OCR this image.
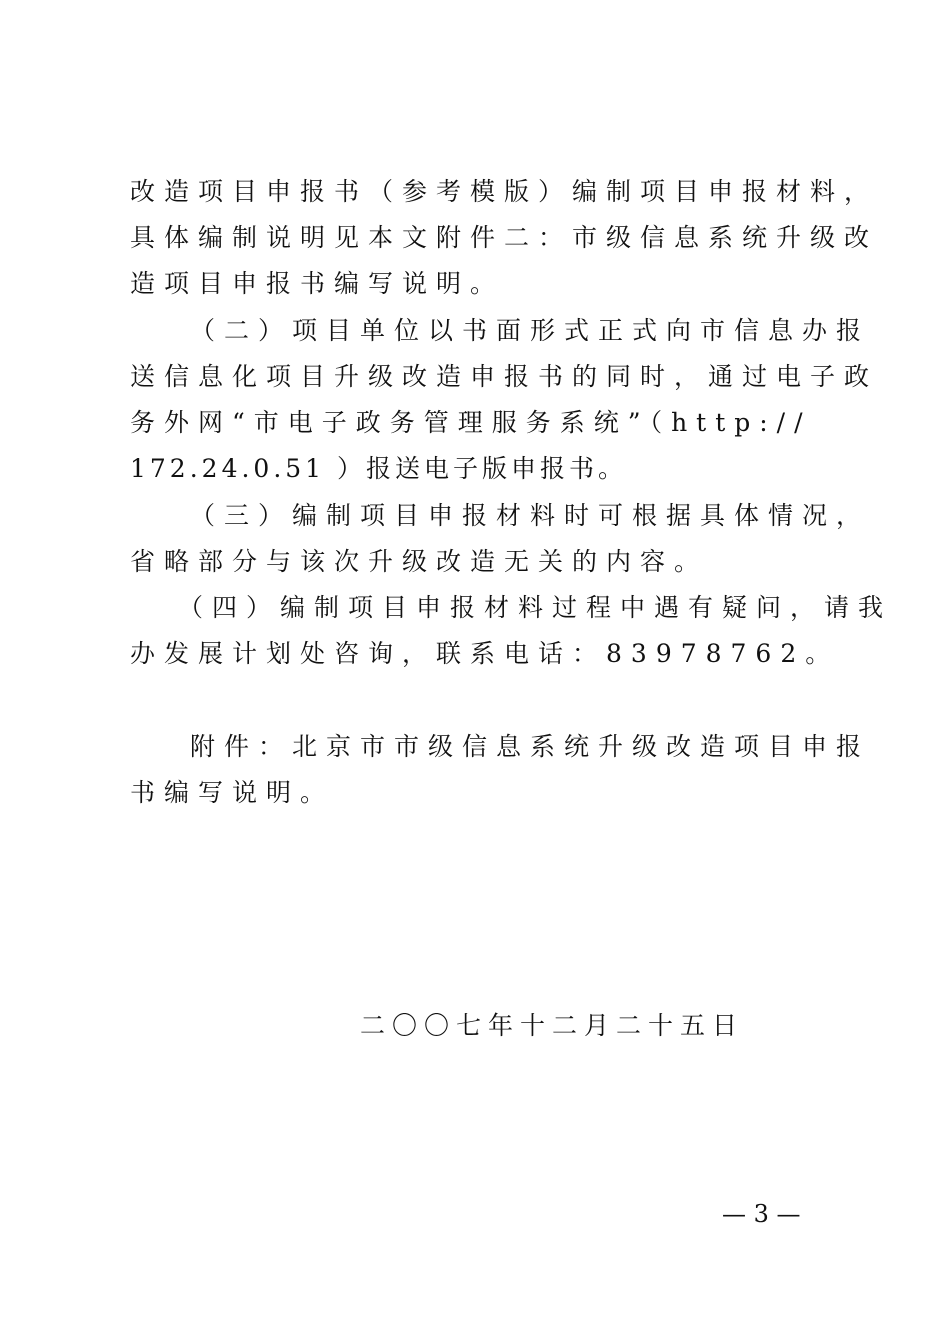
改造项目申报书（参考模版）编制项目申报材料，
具体编制说明见本文附件二：市级信息系统升级改
造项目申报书编写说明。
（二）项目单位以书面形式正式向市信息办报
送信息化项目升级改造申报书的同时，通过电子政
务外网“市电子政务管理服务系统”（http://
172.24.0.51 ）报送电子版申报书。
（三）编制项目申报材料时可根据具体情况，
省略部分与该次升级改造无关的内容。
（四）编制项目申报材料过程中遇有疑问，请我
办发展计划处咨询，联系电话：83978762。
附件：北京市市级信息系统升级改造项目申报
书编写说明。
二〇〇七年十二月二十五日
— 3 —
